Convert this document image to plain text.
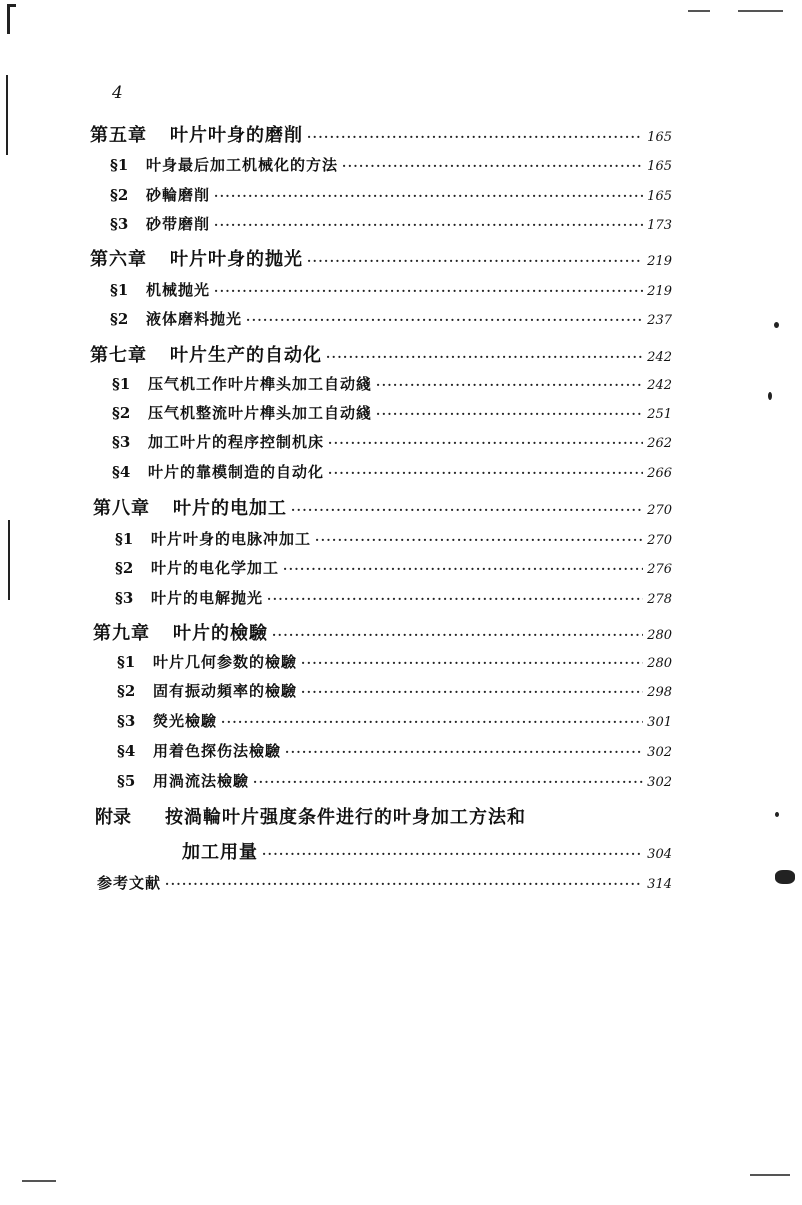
4
第五章	叶片叶身的磨削 ·····	165
§1	叶身最后加工机械化的方法 ·····	165
§2	砂輪磨削 ·····	165
§3	砂带磨削 ·····	173
第六章	叶片叶身的抛光 ·····	219
§1	机械抛光 ·····	219
§2	液体磨料抛光 ·····	237
第七章	叶片生产的自动化 ·····	242
§1	压气机工作叶片榫头加工自动綫 ·····	242
§2	压气机整流叶片榫头加工自动綫 ·····	251
§3	加工叶片的程序控制机床 ·····	262
§4	叶片的靠模制造的自动化 ·····	266
第八章	叶片的电加工 ·····	270
§1	叶片叶身的电脉冲加工 ·····	270
§2	叶片的电化学加工 ·····	276
§3	叶片的电解抛光 ·····	278
第九章	叶片的檢驗 ·····	280
§1	叶片几何参数的檢驗 ·····	280
§2	固有振动頻率的檢驗 ·····	298
§3	熒光檢驗 ·····	301
§4	用着色探伤法檢驗 ·····	302
§5	用渦流法檢驗 ·····	302
附录	按渦輪叶片强度条件进行的叶身加工方法和
加工用量 ·····	304
参考文献 ·····	314
